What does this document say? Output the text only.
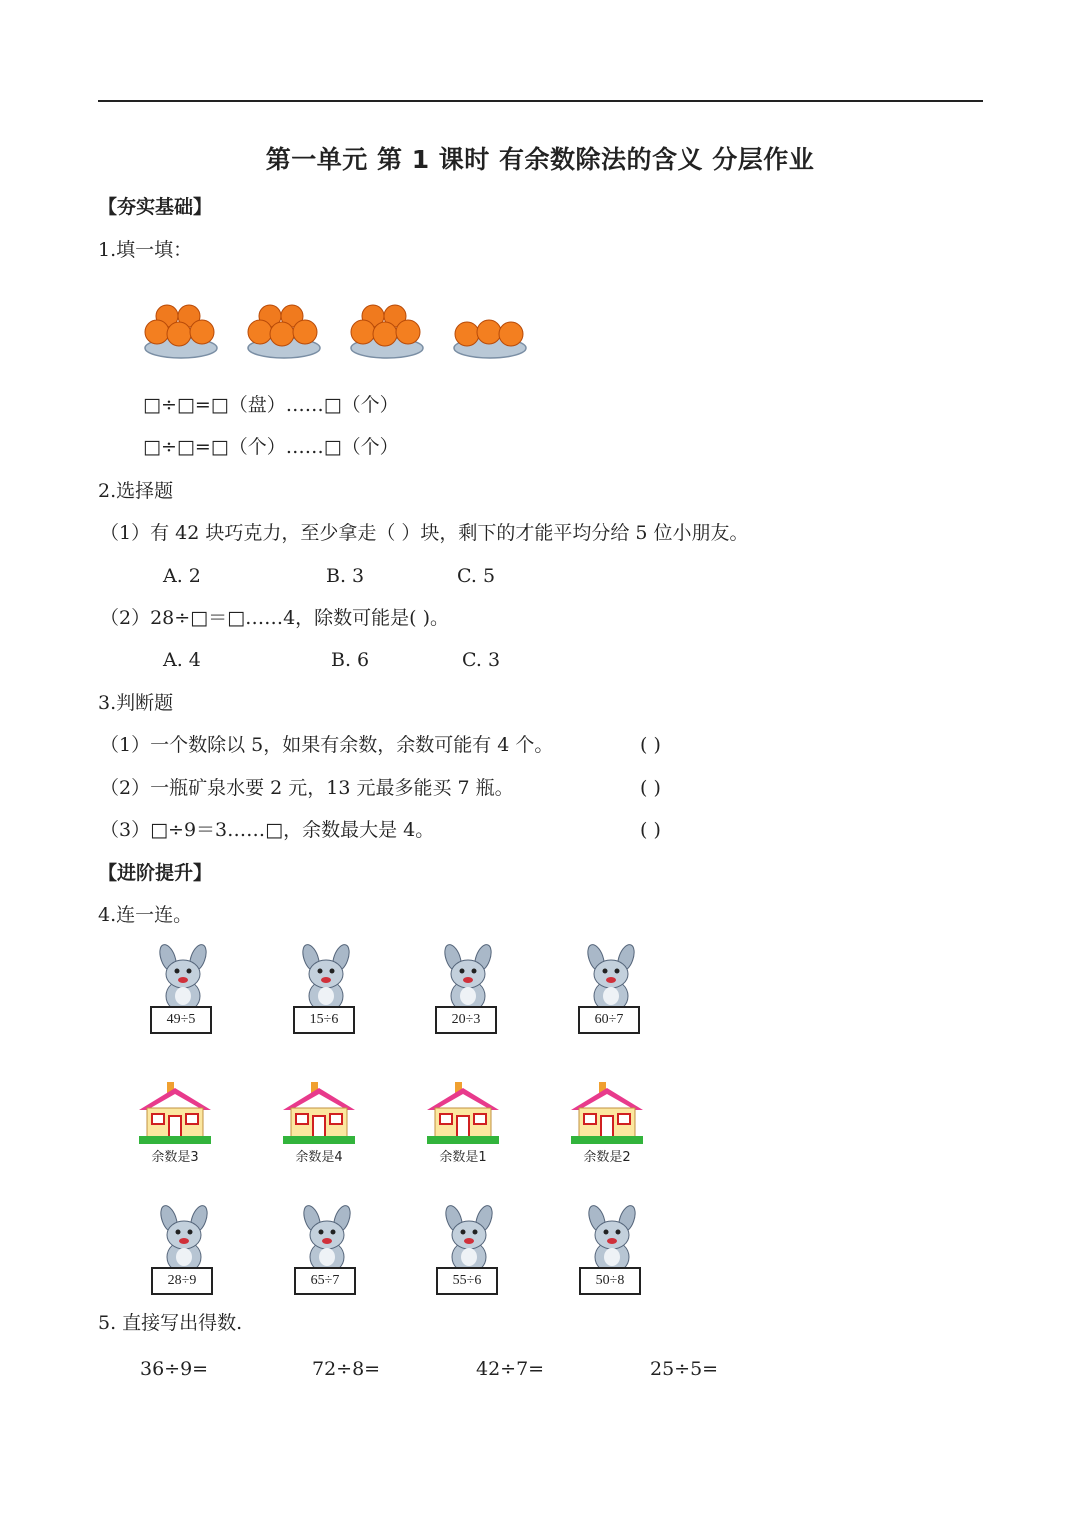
第一单元 第 1 课时 有余数除法的含义 分层作业
【夯实基础】
1.填一填：
□÷□=□（盘）……□（个）
□÷□=□（个）……□（个）
2.选择题
（1）有 42 块巧克力，至少拿走（ ）块，剩下的才能平均分给 5 位小朋友。
A. 2	B. 3	C. 5
（2）28÷□＝□……4，除数可能是( )。
A. 4	B. 6	C. 3
3.判断题
（1）一个数除以 5，如果有余数，余数可能有 4 个。	( )
（2）一瓶矿泉水要 2 元，13 元最多能买 7 瓶。	( )
（3）□÷9＝3……□，余数最大是 4。	( )
【进阶提升】
4.连一连。
49÷5	15÷6	20÷3	60÷7
余数是3	余数是4	余数是1	余数是2
28÷9	65÷7	55÷6	50÷8
5. 直接写出得数.
36÷9=	72÷8=	42÷7=	25÷5=
